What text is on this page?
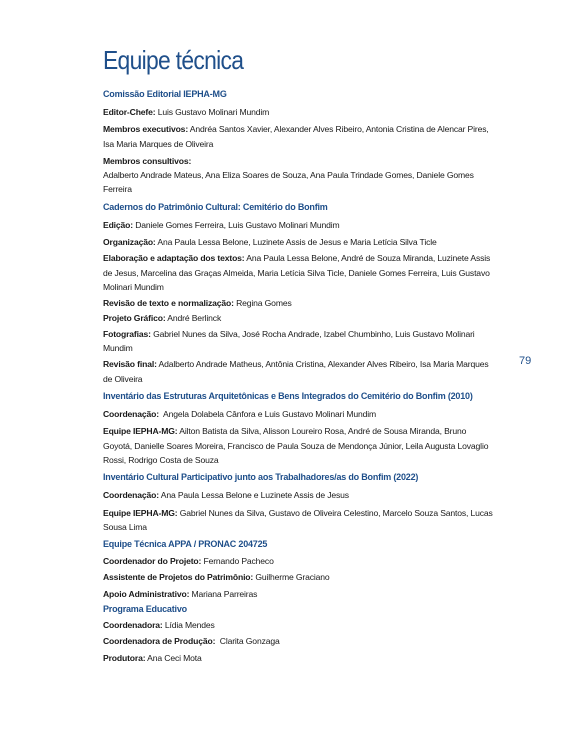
79
Equipe técnica
Comissão Editorial IEPHA-MG
Editor-Chefe: Luis Gustavo Molinari Mundim
Membros executivos: Andréa Santos Xavier, Alexander Alves Ribeiro, Antonia Cristina de Alencar Pires, Isa Maria Marques de Oliveira
Membros consultivos:
Adalberto Andrade Mateus, Ana Eliza Soares de Souza, Ana Paula Trindade Gomes, Daniele Gomes Ferreira
Cadernos do Patrimônio Cultural: Cemitério do Bonfim
Edição: Daniele Gomes Ferreira, Luis Gustavo Molinari Mundim
Organização: Ana Paula Lessa Belone, Luzinete Assis de Jesus e Maria Letícia Silva Ticle
Elaboração e adaptação dos textos: Ana Paula Lessa Belone, André de Souza Miranda, Luzinete Assis de Jesus, Marcelina das Graças Almeida, Maria Letícia Silva Ticle, Daniele Gomes Ferreira, Luis Gustavo Molinari Mundim
Revisão de texto e normalização: Regina Gomes
Projeto Gráfico: André Berlinck
Fotografias: Gabriel Nunes da Silva, José Rocha Andrade, Izabel Chumbinho, Luis Gustavo Molinari Mundim
Revisão final: Adalberto Andrade Matheus, Antônia Cristina, Alexander Alves Ribeiro, Isa Maria Marques de Oliveira
Inventário das Estruturas Arquitetônicas e Bens Integrados do Cemitério do Bonfim (2010)
Coordenação:  Angela Dolabela Cânfora e Luis Gustavo Molinari Mundim
Equipe IEPHA-MG: Ailton Batista da Silva, Alisson Loureiro Rosa, André de Sousa Miranda, Bruno Goyotá, Danielle Soares Moreira, Francisco de Paula Souza de Mendonça Júnior, Leila Augusta Lovaglio Rossi, Rodrigo Costa de Souza
Inventário Cultural Participativo junto aos Trabalhadores/as do Bonfim (2022)
Coordenação: Ana Paula Lessa Belone e Luzinete Assis de Jesus
Equipe IEPHA-MG: Gabriel Nunes da Silva, Gustavo de Oliveira Celestino, Marcelo Souza Santos, Lucas Sousa Lima
Equipe Técnica APPA / PRONAC 204725
Coordenador do Projeto: Fernando Pacheco
Assistente de Projetos do Patrimônio: Guilherme Graciano
Apoio Administrativo: Mariana Parreiras
Programa Educativo
Coordenadora: Lídia Mendes
Coordenadora de Produção:  Clarita Gonzaga
Produtora: Ana Ceci Mota
